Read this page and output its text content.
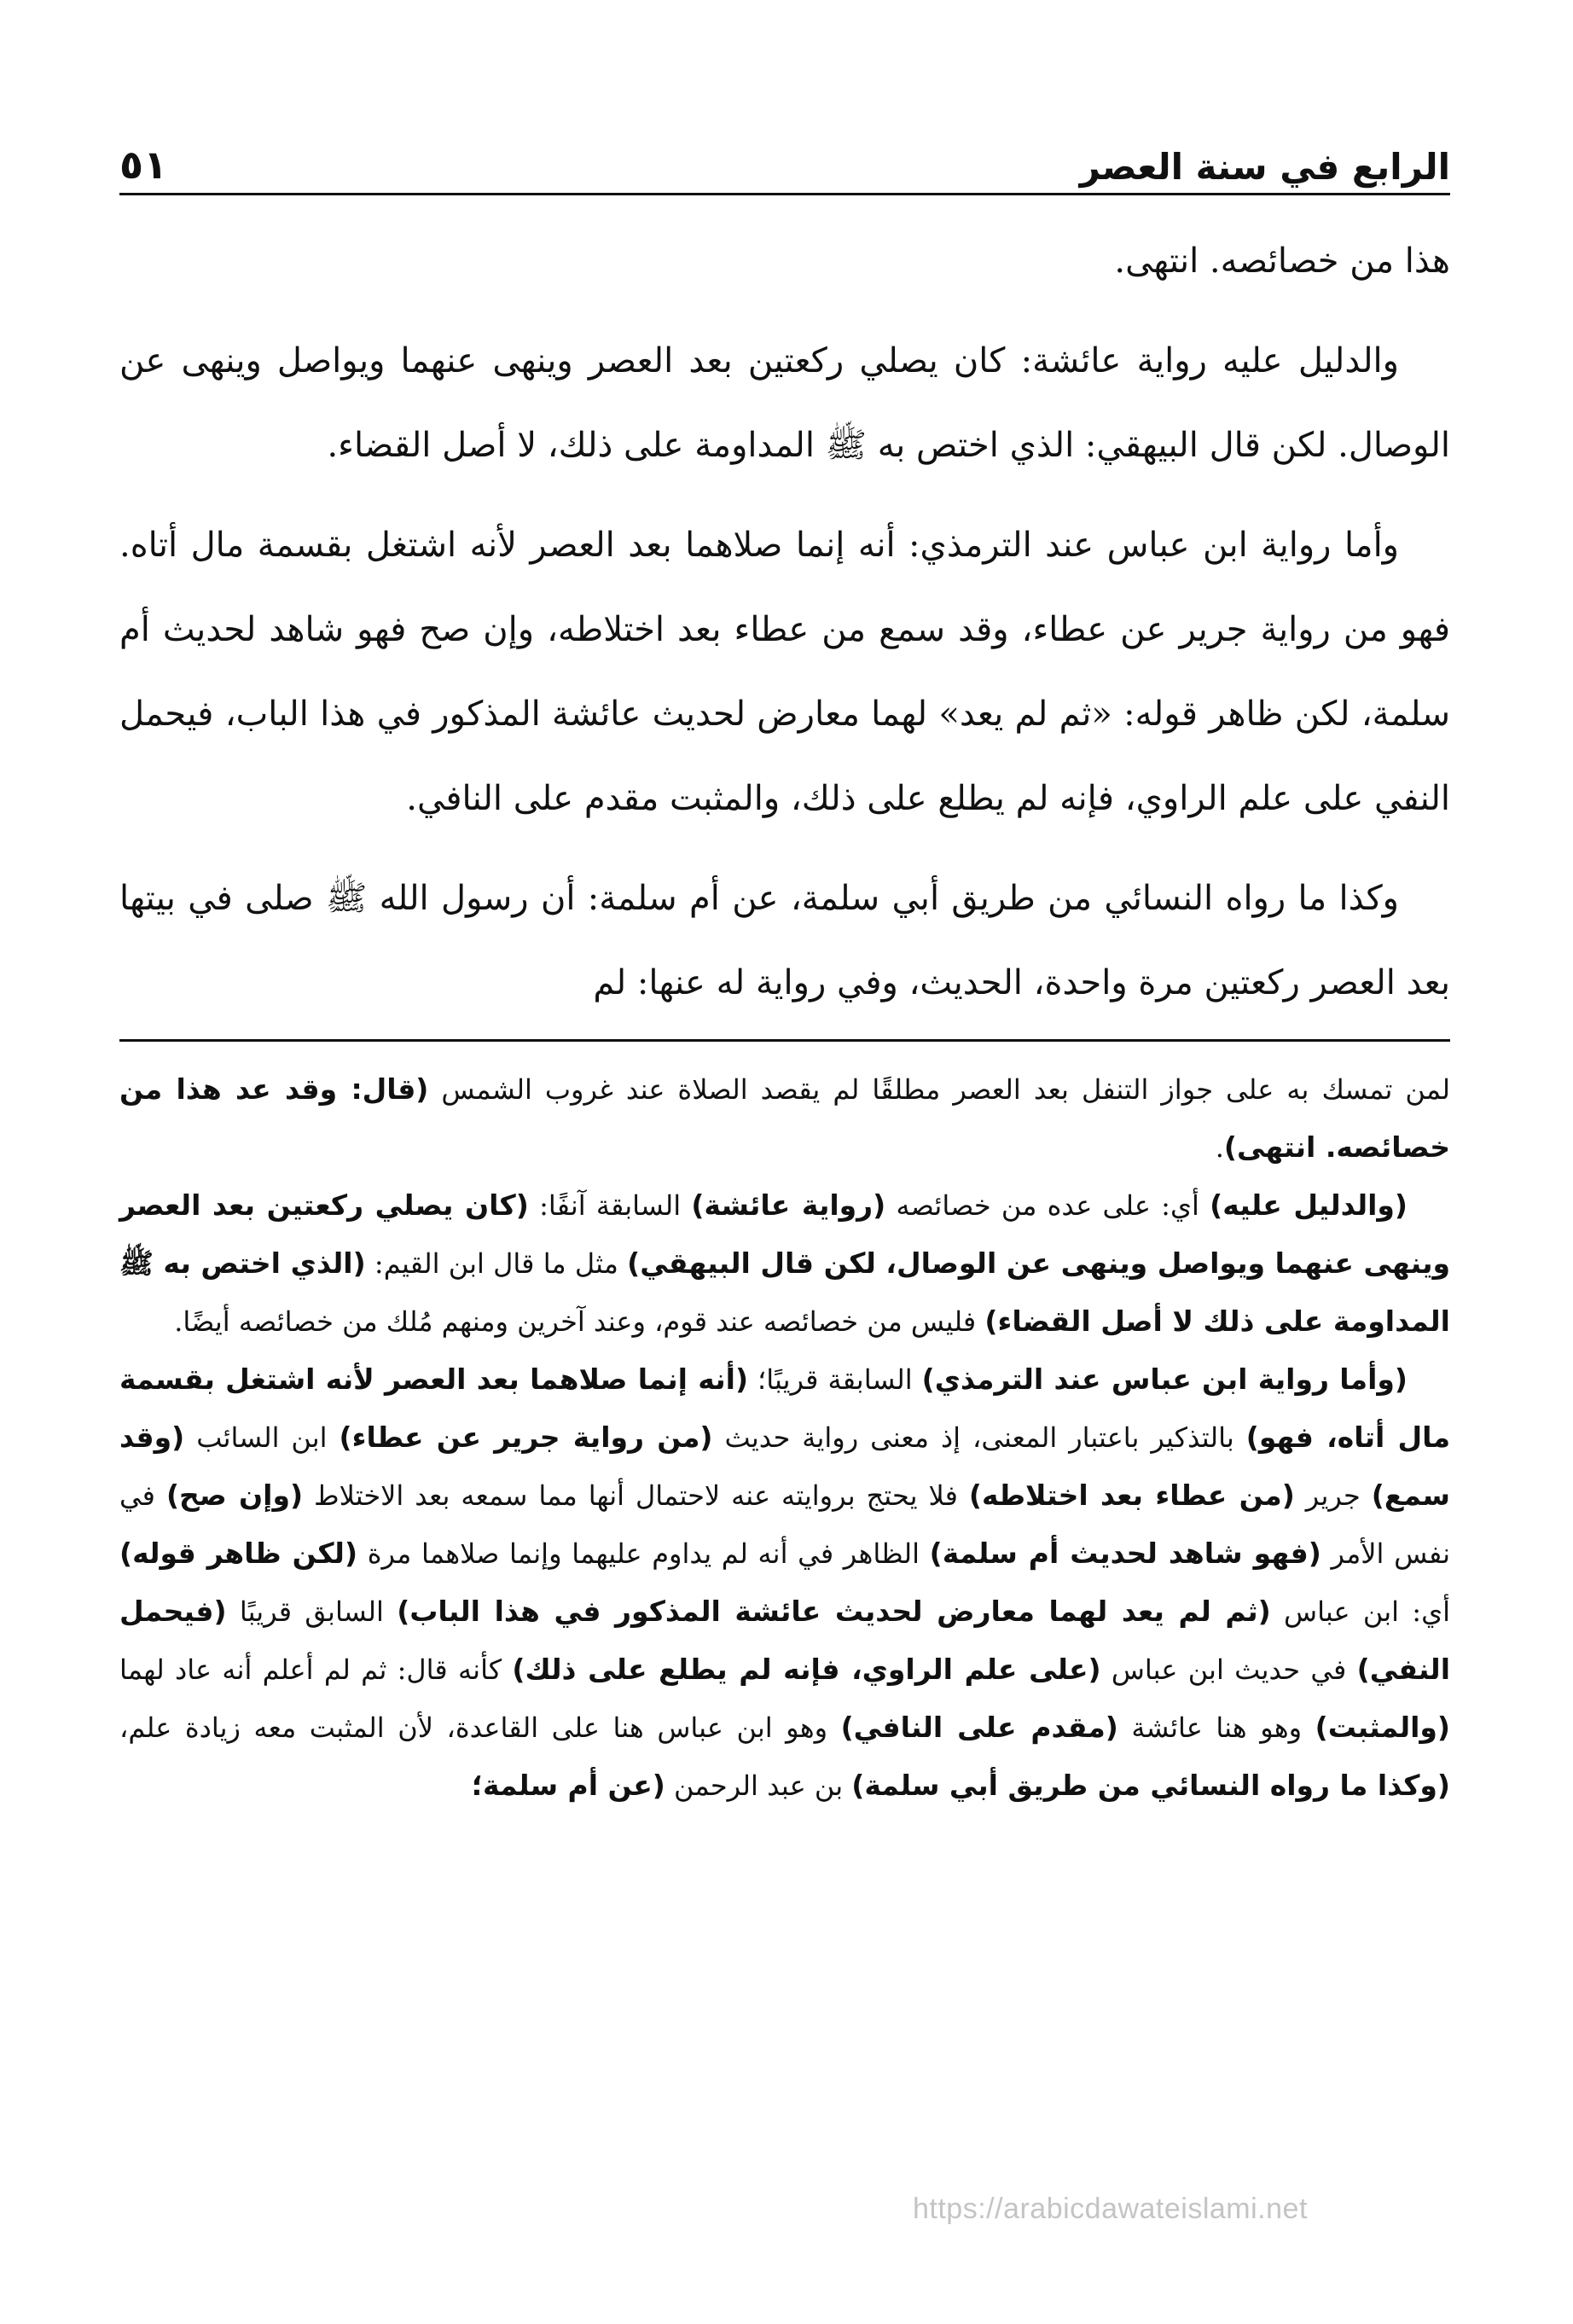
الرابع في سنة العصر
٥١

هذا من خصائصه. انتهى.

والدليل عليه رواية عائشة: كان يصلي ركعتين بعد العصر وينهى عنهما ويواصل وينهى عن الوصال. لكن قال البيهقي: الذي اختص به ﷺ المداومة على ذلك، لا أصل القضاء.

وأما رواية ابن عباس عند الترمذي: أنه إنما صلاهما بعد العصر لأنه اشتغل بقسمة مال أتاه. فهو من رواية جرير عن عطاء، وقد سمع من عطاء بعد اختلاطه، وإن صح فهو شاهد لحديث أم سلمة، لكن ظاهر قوله: «ثم لم يعد» لهما معارض لحديث عائشة المذكور في هذا الباب، فيحمل النفي على علم الراوي، فإنه لم يطلع على ذلك، والمثبت مقدم على النافي.

وكذا ما رواه النسائي من طريق أبي سلمة، عن أم سلمة: أن رسول الله ﷺ صلى في بيتها بعد العصر ركعتين مرة واحدة، الحديث، وفي رواية له عنها: لم

لمن تمسك به على جواز التنفل بعد العصر مطلقًا لم يقصد الصلاة عند غروب الشمس (قال: وقد عد هذا من خصائصه. انتهى).

(والدليل عليه) أي: على عده من خصائصه (رواية عائشة) السابقة آنفًا: (كان يصلي ركعتين بعد العصر وينهى عنهما ويواصل وينهى عن الوصال، لكن قال البيهقي) مثل ما قال ابن القيم: (الذي اختص به ﷺ المداومة على ذلك لا أصل القضاء) فليس من خصائصه عند قوم، وعند آخرين ومنهم مُلك من خصائصه أيضًا.

(وأما رواية ابن عباس عند الترمذي) السابقة قريبًا؛ (أنه إنما صلاهما بعد العصر لأنه اشتغل بقسمة مال أتاه، فهو) بالتذكير باعتبار المعنى، إذ معنى رواية حديث (من رواية جرير عن عطاء) ابن السائب (وقد سمع) جرير (من عطاء بعد اختلاطه) فلا يحتج بروايته عنه لاحتمال أنها مما سمعه بعد الاختلاط (وإن صح) في نفس الأمر (فهو شاهد لحديث أم سلمة) الظاهر في أنه لم يداوم عليهما وإنما صلاهما مرة (لكن ظاهر قوله) أي: ابن عباس (ثم لم يعد لهما معارض لحديث عائشة المذكور في هذا الباب) السابق قريبًا (فيحمل النفي) في حديث ابن عباس (على علم الراوي، فإنه لم يطلع على ذلك) كأنه قال: ثم لم أعلم أنه عاد لهما (والمثبت) وهو هنا عائشة (مقدم على النافي) وهو ابن عباس هنا على القاعدة، لأن المثبت معه زيادة علم، (وكذا ما رواه النسائي من طريق أبي سلمة) بن عبد الرحمن (عن أم سلمة؛

https://arabicdawateislami.net
